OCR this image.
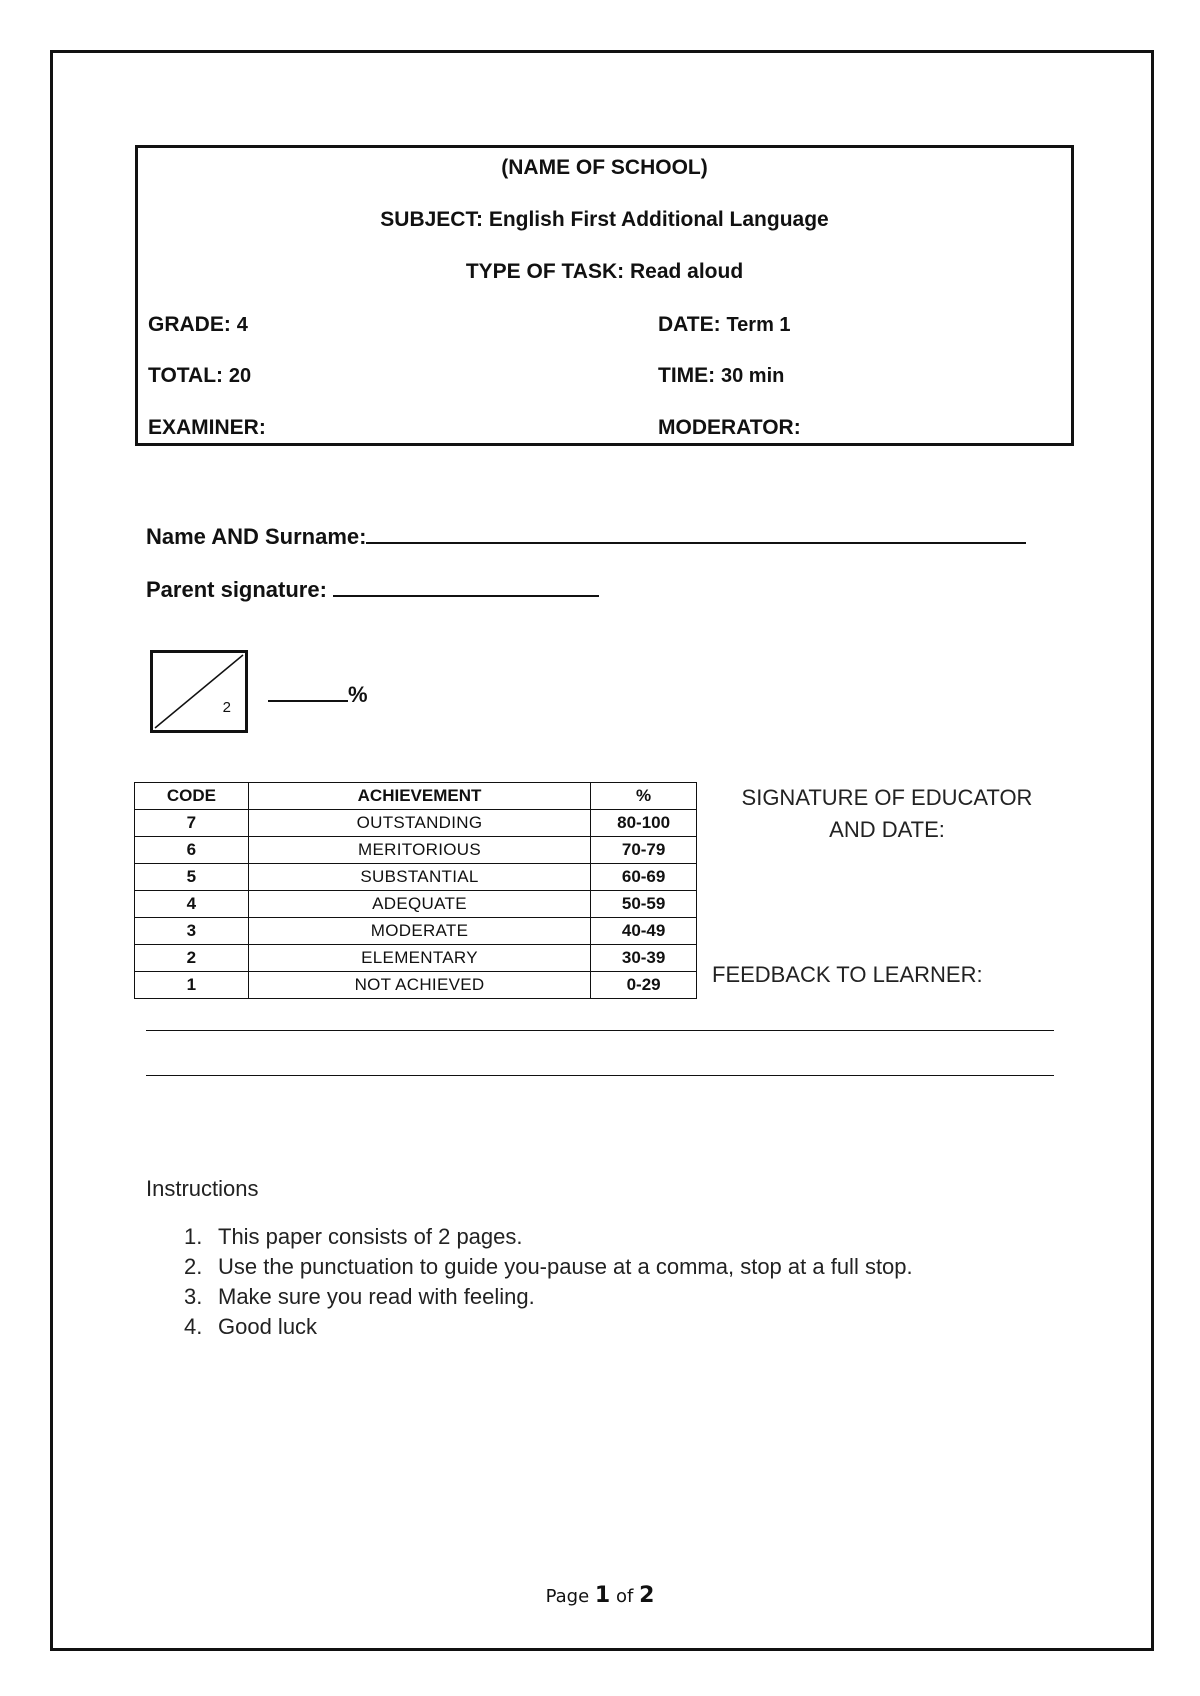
(NAME OF SCHOOL)
SUBJECT: English First Additional Language
TYPE OF TASK: Read aloud
GRADE: 4	DATE: Term 1
TOTAL: 20	TIME: 30 min
EXAMINER:	MODERATOR:
Name AND Surname:
Parent signature:
2
%
CODE	ACHIEVEMENT	%
7	OUTSTANDING	80-100
6	MERITORIOUS	70-79
5	SUBSTANTIAL	60-69
4	ADEQUATE	50-59
3	MODERATE	40-49
2	ELEMENTARY	30-39
1	NOT ACHIEVED	0-29
SIGNATURE OF EDUCATOR
AND DATE:
FEEDBACK TO LEARNER:
Instructions
1. This paper consists of 2 pages.
2. Use the punctuation to guide you-pause at a comma, stop at a full stop.
3. Make sure you read with feeling.
4. Good luck
Page 1 of 2
